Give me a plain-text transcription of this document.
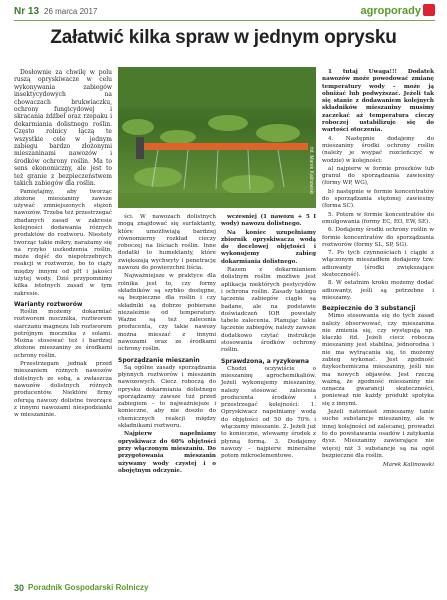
Nr 13 26 marca 2017	agroporady
Załatwić kilka spraw w jednym oprysku

Dosłownie za chwilę w polu ruszą opryskiwacze w celu wykonywania zabiegów insektycydowych na chowaczach brukwiaczku, ochrony fungicydowej i skracania źdźbeł oraz rzepaku i dokarmiania dolistnego roślin. Często rolnicy łączą te wszystkie cele w jednym zabiegu bardzo złożonymi mieszaninami nawozów i środków ochrony roślin. Ma to sens ekonomiczny, ale jest to też granie z bezpieczeństwem takich zabiegów dla roślin.

Pamiętajmy, aby tworząc złożone mieszaniny zawsze używać zmniejszonych stężeń nawozów. Trzeba też przestrzegać zbadanych zasad w zakresie kolejności dodawania różnych produktów do roztworu. Niestety tworząc takie mikry, narażamy się na ryzyko uszkodzenia roślin, może dojść do niepotrzebnych reakcji w roztworze, bo to ciąży między innymi od pH i jakości użytej wody. Dziś przypomnimy kilka istotnych zasad w tym zakresie.

Warianty roztworów

Roślin możemy dokarmiać roztworem mocznika, roztworem siarczanu magnezu lub roztworem potrójnym mocznika z solami. Można stosować też i bardziej złożone mieszaniny ze środkami ochrony roślin.

Przestrzegam jednak przed mieszaniem różnych nawozów dolistnych ze sobą, a zwłaszcza nawozów dolistnych różnych producentów. Niektóre firmy oferują nawozy dolistne tworzące z innymi nawozami niespodzianki w mieszaninie.

fot. Marek Kalinowski

ści. W nawozach dolistnych mogą znajdować się surfaktanty, które umożliwiają bardziej równomierny rozkład cieczy roboczej na liściach roślin. Inne dodatki to humektanty, które zwiększają wychwyty i penetrację nawozu do powierzchni liścia.

Najważniejsze w praktyce dla rolnika jest to, czy formy składników są szybko dostępne, są bezpieczne dla roślin i czy składniki są dobrze pobierane niezależnie od temperatury. Ważne są też zalecenia producenta, czy takie nawozy można mieszać z innymi nawozami oraz ze środkami ochrony roślin.

Sporządzanie mieszanin

Są ogólne zasady sporządzania płynnych roztworów i mieszanin nawozowych. Ciecz roboczą do oprysku dokarmiania dolistnego sporządzamy zawsze tuż przed zabiegiem – to najważniejsze i konieczne, aby nie doszło do chemicznych reakcji między składnikami roztworu.

Najpierw napełniamy opryskiwacz do 60% objętości przy włączonym mieszaniu. Do przygotowania mieszanin używamy wody czystej i o obojętnym odczynie.

wczesniej (1 nawozu + 5 I wody) nawozu dolistnego.

Na koniec uzupełniamy zbiornik opryskiwacza wodą do docelowej objętości i wykonujemy zabieg dokarmiania dolistnego.

Razem z dokarmianiem dolistnym roślin możliwe jest aplikacja niektórych pestycydów i ochrona roślin. Zasady takiego łączenia zabiegów ciągle są badane, ale na podstawie doświadczeń IOR powstały tabele zalecenia. Planując takie łączenie zabiegów, należy zawsze dodatkowo czytać instrukcje stosowania środków ochrony roślin.

Sprawdzona, a ryzykowna

Chodzi oczywiście o mieszaninę agrochemikaliów. Jeżeli wykonujemy mieszaniny, należy stosować zalecenia producenta środków i przestrzegać kolejności: 1. Opryskiwacz napełniamy wodą do objętości od 50 do 70% i włączamy mieszanie. 2. Jeżeli już to konieczne, wlewamy środek z płynną formą. 3. Dodajemy nawozy – najpierw mineralne potem mikroelementowe.

1 tutaj Uwaga!!! Dodatek nawozów może powodować zmianę temperatury wody – może ją obniżać lub podwyższać. Jeżeli tak się stanie z dodawaniem kolejnych składników mieszaniny musimy zaczekać aż temperatura cieczy roboczej ustabilizuje się do wartości otoczenia.

4. Następnie dodajemy do mieszaniny środki ochrony roślin (należy je wsypać rozcieńczyć w wodzie) w kolejności:

a) najpierw w formie proszków lub granul do sporządzania zawiesiny (formy WP, WG),

b) następnie w formie koncentratów do sporządzania stężonej zawiesiny (forma SC).

5. Potem w formie koncentratów do emulgowania (formy EC, EO, EW, SE).

6. Dodajemy środki ochrony roślin w formie koncentratów do sporządzania roztworów (formy SL, SP, SG).

7. Po tych czynnościach i ciągłe z włączonym mieszadłem dodajemy tzw. adiuwanty (środki zwiększające skuteczność).

8. W ostatnim kroku możemy dodać adiuwanty, jeśli są potrzebne i mieszamy.

Bezpiecznie do 3 substancji

Mimo stosowania się do tych zasad należy obserwować, czy mieszanina nie zmienia się, czy występują np. kłaczki itd. Jeżeli ciecz robocza mieszaniny jest stabilna, jednorodna i nie ma wytrącania się, to możemy zabieg wykonać. Jest zgodność fizykochemiczna mieszaniny, jeśli nie ma nowych objawów. Jest rzeczą ważną, że zgodność mieszaniny nie oznacza gwarancji skuteczności, ponieważ nie każdy produkt spotyka się z innymi.

Jeżeli natomiast zmieszamy tanie suche substancje mieszaniny, ale w innej kolejności od zalecanej, prowadzi to do powstawania osadów i zatykania dysz. Mieszaniny zawierające nie więcej niż 3 substancje są na ogół bezpieczne dla roślin.

Marek Kalinowski
30 Poradnik Gospodarski Rolniczy
